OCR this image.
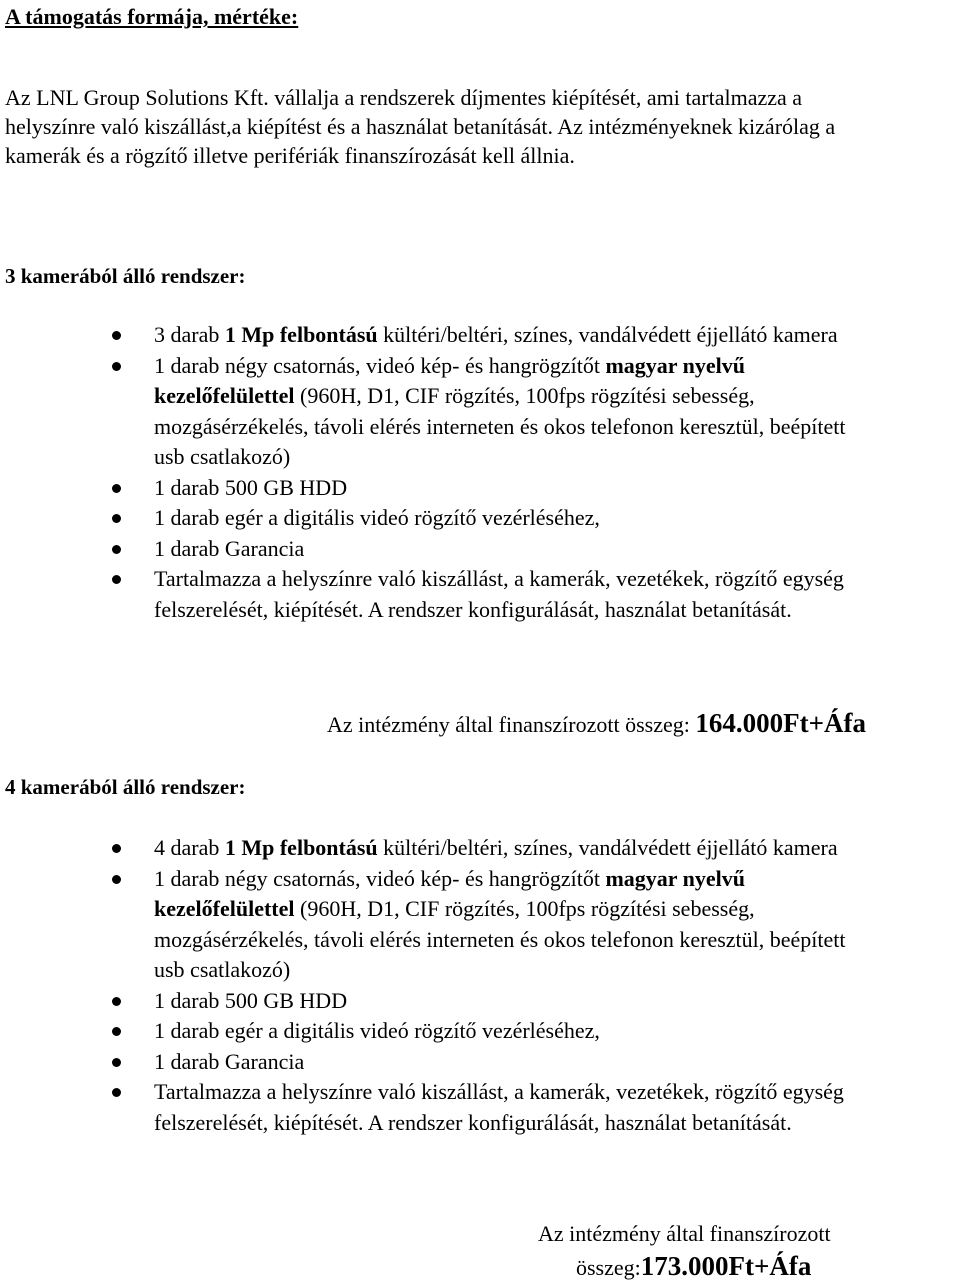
A támogatás formája, mértéke:
Az LNL Group Solutions Kft. vállalja a rendszerek díjmentes kiépítését, ami tartalmazza a
helyszínre való kiszállást,a kiépítést és a használat betanítását. Az intézményeknek kizárólag a
kamerák és a rögzítő illetve perifériák finanszírozását kell állnia.
3 kamerából álló rendszer:
3 darab 1 Mp felbontású kültéri/beltéri, színes, vandálvédett éjjellátó kamera
1 darab négy csatornás, videó kép- és hangrögzítőt magyar nyelvű
kezelőfelülettel (960H, D1, CIF rögzítés, 100fps rögzítési sebesség,
mozgásérzékelés, távoli elérés interneten és okos telefonon keresztül, beépített
usb csatlakozó)
1 darab 500 GB HDD
1 darab egér a digitális videó rögzítő vezérléséhez,
1 darab Garancia
Tartalmazza a helyszínre való kiszállást, a kamerák, vezetékek, rögzítő egység
felszerelését, kiépítését. A rendszer konfigurálását, használat betanítását.
Az intézmény által finanszírozott összeg: 164.000Ft+Áfa
4 kamerából álló rendszer:
4 darab 1 Mp felbontású kültéri/beltéri, színes, vandálvédett éjjellátó kamera
1 darab négy csatornás, videó kép- és hangrögzítőt magyar nyelvű
kezelőfelülettel (960H, D1, CIF rögzítés, 100fps rögzítési sebesség,
mozgásérzékelés, távoli elérés interneten és okos telefonon keresztül, beépített
usb csatlakozó)
1 darab 500 GB HDD
1 darab egér a digitális videó rögzítő vezérléséhez,
1 darab Garancia
Tartalmazza a helyszínre való kiszállást, a kamerák, vezetékek, rögzítő egység
felszerelését, kiépítését. A rendszer konfigurálását, használat betanítását.
Az intézmény által finanszírozott
összeg:173.000Ft+Áfa
